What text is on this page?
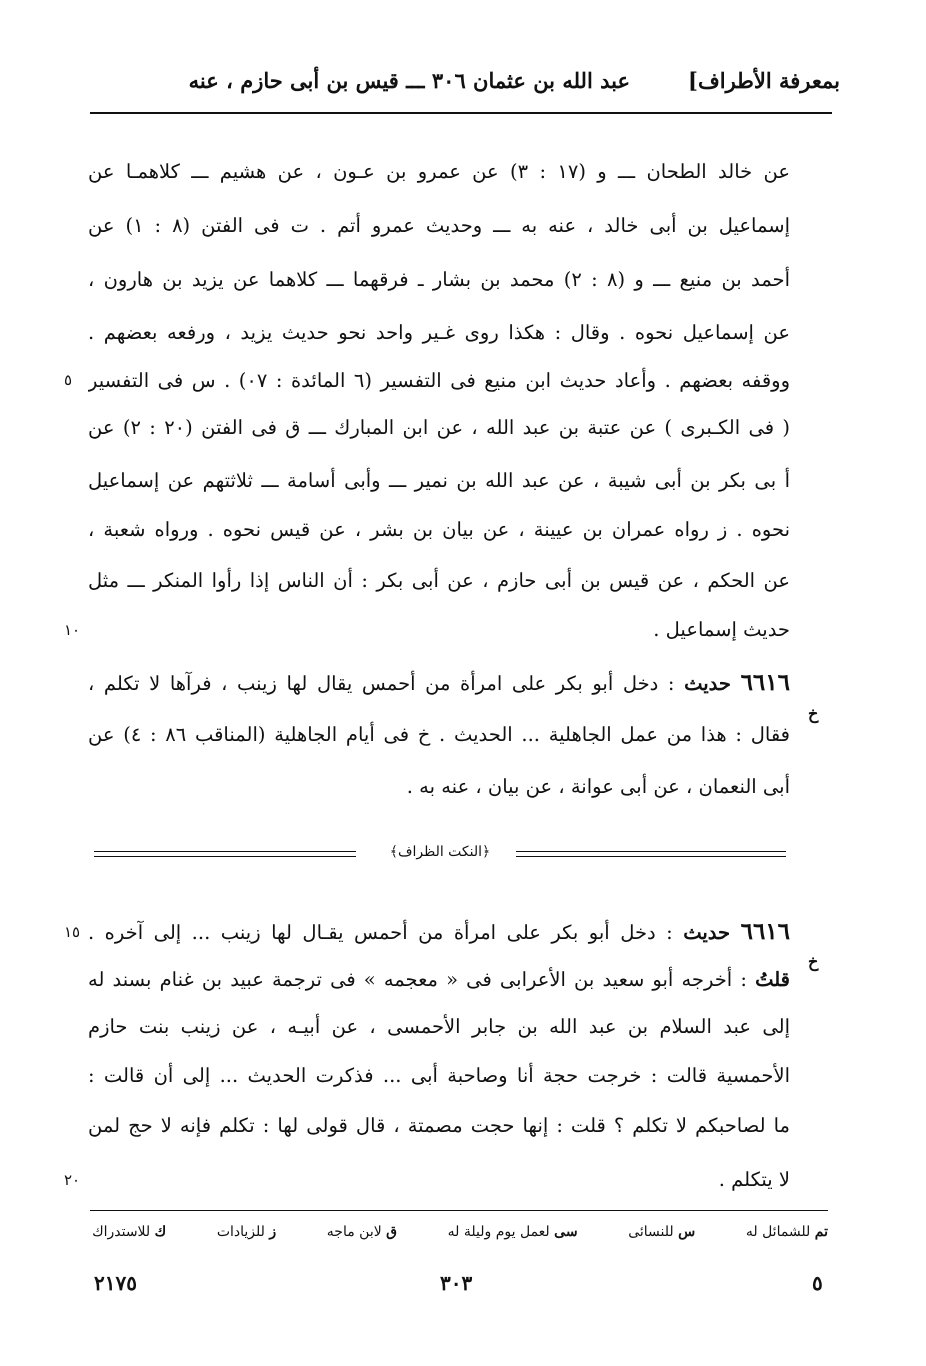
بمعرفة الأطراف]
عبد الله بن عثمان ٣٠٦ ـــ قيس بن أبى حازم ، عنه
عن خالد الطحان ـــ و (١٧ : ٣) عن عمرو بن عـون ، عن هشيم ـــ كلاهمـا عن
إسماعيل بن أبى خالد ، عنه به ـــ وحديث عمرو أتم . ت فى الفتن (٨ : ١) عن
أحمد بن منيع ـــ و (٨ : ٢) محمد بن بشار ـ فرقهما ـــ كلاهما عن يزيد بن هارون ،
عن إسماعيل نحوه . وقال : هكذا روى غـير واحد نحو حديث يزيد ، ورفعه بعضهم .
ووقفه بعضهم . وأعاد حديث ابن منيع فى التفسير (٦ المائدة : ٠٧) . س فى التفسير
( فى الكـبرى ) عن عتبة بن عبد الله ، عن ابن المبارك ـــ ق فى الفتن (٢٠ : ٢) عن
أ بى بكر بن أبى شيبة ، عن عبد الله بن نمير ـــ وأبى أسامة ـــ ثلاثتهم عن إسماعيل
نحوه . ز رواه عمران بن عيينة ، عن بيان بن بشر ، عن قيس نحوه . ورواه شعبة ،
عن الحكم ، عن قيس بن أبى حازم ، عن أبى بكر : أن الناس إذا رأوا المنكر ـــ مثل
حديث إسماعيل .
٥
١٠
٦٦١٦ حديث : دخل أبو بكر على امرأة من أحمس يقال لها زينب ، فرآها لا تكلم ،
خ
فقال : هذا من عمل الجاهلية ... الحديث . خ فى أيام الجاهلية (المناقب ٨٦ : ٤) عن
أبى النعمان ، عن أبى عوانة ، عن بيان ، عنه به .
﴿النكت الظراف﴾
٦٦١٦ حديث : دخل أبو بكر على امرأة من أحمس يقـال لها زينب ... إلى آخره .
١٥
خ
قلتُ : أخرجه أبو سعيد بن الأعرابى فى « معجمه » فى ترجمة عبيد بن غنام بسند له
إلى عبد السلام بن عبد الله بن جابر الأحمسى ، عن أبيـه ، عن زينب بنت حازم
الأحمسية قالت : خرجت حجة أنا وصاحبة أبى ... فذكرت الحديث ... إلى أن قالت :
ما لصاحبكم لا تكلم ؟ قلت : إنها حجت مصمتة ، قال قولى لها : تكلم فإنه لا حج لمن
لا يتكلم .
٢٠
تم للشمائل له
س للنسائى
سى لعمل يوم وليلة له
ق لابن ماجه
ز للزيادات
ك للاستدراك
٥
٣٠٣
٢١٧٥
